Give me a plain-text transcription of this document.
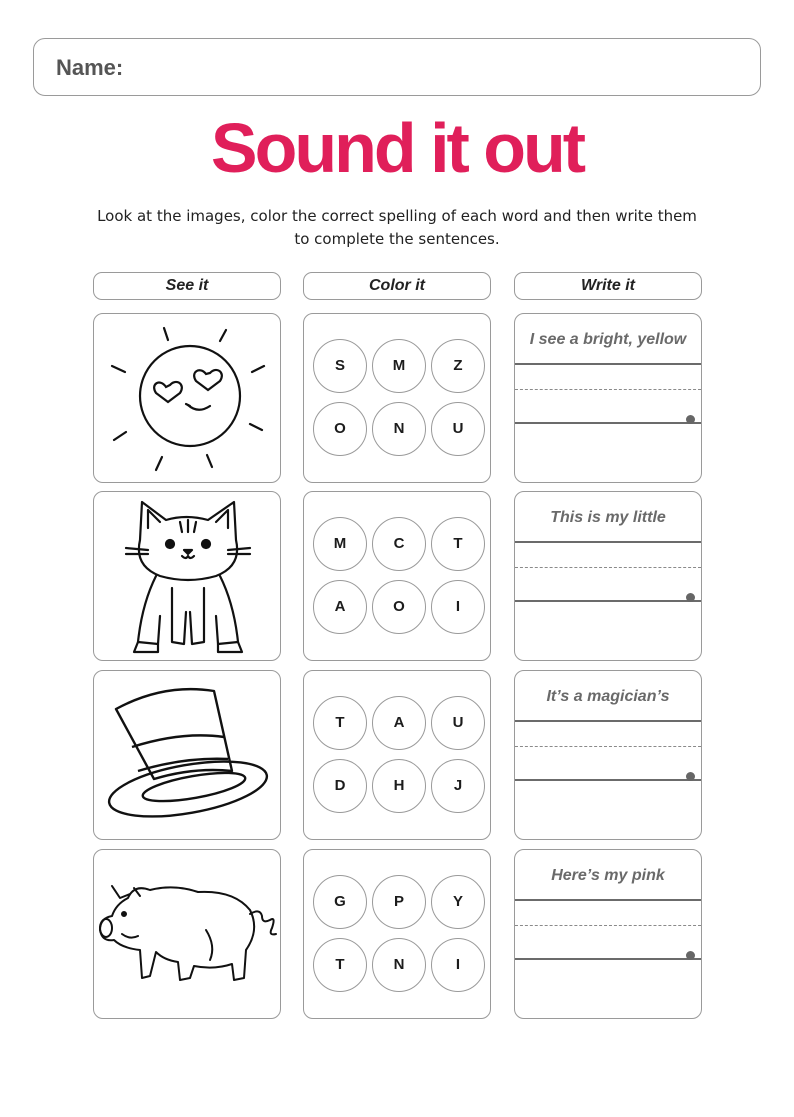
Name:
Sound it out
Look at the images, color the correct spelling of each word and then write them to complete the sentences.
See it	Color it	Write it
S	M	Z
O	N	U
I see a bright, yellow
M	C	T
A	O	I
This is my little
T	A	U
D	H	J
It’s a magician’s
G	P	Y
T	N	I
Here’s my pink
